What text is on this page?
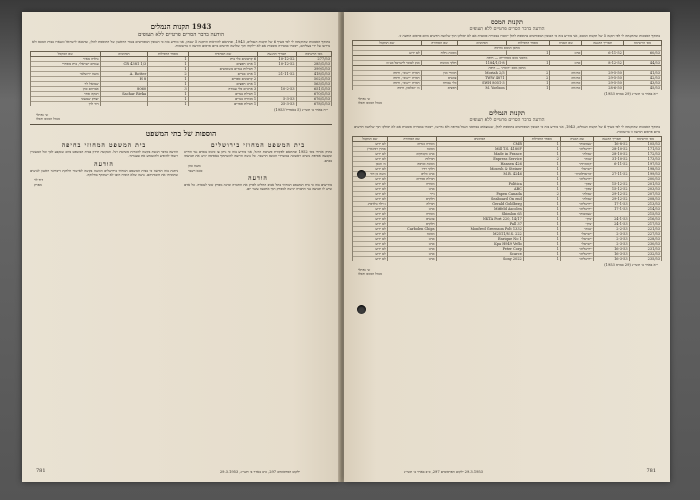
1943 תקנות הנמלים

הודעה בדבר הסרים פרטיים ללא תעופים

בתוקף הסמכות שהוקנתה לי לפי סעיף 6 של תקנות הנמלים, 1943, ובהתאם להוראות התקנה 5 שבהן, אני מודיע בזה כי הטובין המפורטים בטור הראשון של התוספת להלן, שהובאו לישראל ונשארו בבית המכס ולא נדרשו על ידי בעליהם, יימכרו במכירה פומבית אם לא יילקחו תוך שלושה חדשים מיום פרסום הודעה זו ברשומות.

מס׳ הרשימה	תאריך ההגעה	שם הסחורה	מספר החבילות	הסימנים	שם המקבל
277/53	10-12-52	6 קרטונים כלי בית	1		גולדה מאיר
285/1/53	10-12-52	1 ארגז חפצים	1	CR 4381 1/3	עמרם ישראלי, בית מסחרי
399/1/53		7 חבילות בגדים משומשים	1		
418/1/53	21-11-52	1 ארגז בגדים	2	A. Rotter	משה ירושלמי
502/1/53		2 קרטונים ספרים	1	H 8	
563/1/53		1 ארגז חפצים	1		שמואל לוי
651/1/53	10-2-53	3 ארגזים כלי עבודה	3	8060	אברהם כהן
670/1/53		1 חבילת בגדים	1	Sachar Rivka	רבקה סחר
676/1/53	5-3-53	1 מזוודה בגדים	1		יצחק שמעוני
678/1/53	25-3-53	1 חבילת ספרים	1		דוד לוין

י״ח באדר ב׳ תשי״ג (5 באפריל 1953)

ש׳ נפתלי

מנהל המכס והבלו

הוספות של בתי המשפט

בית המשפט המחוזי בירושלים

בתיק אזרחי מס׳ 1952 ובהתאם לפקודת פשיטת הרגל, אני מודיע בזה כי ניתן צו כינוס נכסים נגד החייב ונקבעה אסיפת נושים ראשונה במשרדי הכונס הרשמי. כל נושה הרוצה להשתתף באסיפה יגיש את תביעתו בכתב.

משה כהן

כונס רשמי

הודעה

מודיעים בזה כי בית המשפט המחוזי בתל אביב החליט לפרק את החברה ומינה מפרק זמני לנכסיה. כל אדם שיש לו תביעה נגד החברה יגישה למפרק תוך ארבעה עשר יום.

בית המשפט המחוזי בחיפה

הודעה בדבר הגשת בקשה להכרזת פשיטת רגל. הבקשה תידון בבית המשפט ביום שנקבע לכך וכל המעוניין רשאי להופיע ולהשמיע את טענותיו.

הודעה

ניתנת בזה הודעה כי בבית המשפט המחוזי בירושלים הוגשה בקשה לאישור חלוקת דיבידנד ראשון לנושים שהוכיחו את חובותיהם. נושה שלא הוכיח חובו לא ישתתף בחלוקה.

דוד לוי

מפרק

781	ילקוט הפרסומים 297, כ״ב באדר ב׳ תשי״ג, 29.3.1953

תקנות המכס

הודעה בדבר הסרים פרטיים ללא תעופים

בתוקף הסמכות שהוקנתה לי לפי תקנה 5 של תקנות המכס, אני מודיע בזה כי הטובין המפורטים בתוספת להלן יימכרו במכירה פומבית אם לא יסולקו תוך שלושה חדשים מיום פרסום הודעה זו.

מס׳ הרשימה	תאריך ההגעה	שם האניה	מספר החבילות	הסימנים	שם הסחורה	שם המקבל
מחסן המכס בחיפה						
60/53	6-11-52	ארגז	1		מכונת גילוח	לא ידוע
מחסני מכס מסחריים — חיפה						
44/53	8-12-52	ארגז	1	1184/1/1-8	חלקי מכונות	בנק לאומי לישראל בע״מ
מחסן מכס ״רמות״ — חיפה						
41/53	29-5-50	ארגזים	2	Moriah 2/3	חומרי בנין	חברת ״ישוב״, חיפה
42/53	29-5-50	ארגזים	2	TWW 4871	צבעים	חברת ״ישוב״, חיפה
43/53	29-5-50	ארגזים	1	SWH 8051-3	כלי עבודה	חברת ״ישוב״, חיפה
45/53	28-6-50	ארגזים	1	M. Yoelson	חפצים	מ׳ יואלסון, חיפה

י״א באדר ב׳ תשי״ג (29 במרס 1953)

ש׳ נפתלי

מנהל המכס והבלו

תקנות הנמלים

הודעה בדבר הסרים פרטיים ללא תעופים

בתוקף הסמכות שהוקנתה לי לפי סעיף 6 של תקנות הנמלים, 1943, אני מודיע בזה כי הטובין המפורטים בתוספת להלן, שנמצאים במחסני הנמל בחיפה ולא נדרשו, יימכרו במכירה פומבית אם לא יסולקו תוך שלושה חדשים מיום פרסום הודעה זו ברשומות.

מס׳ הרשימה	תאריך ההגעה	שם האניה	מספר החבילות	הסימנים	שם הסחורה	שם המקבל
105/53	16-8-52	״עצמאות״	1	CMB	מזוודה בגדים	לא ידוע
171/53	28-10-52	״ירושלים״	1	Mill T.S. 4180F	מכונה	אהרן רבינוביץ
172/53	28-10-52	״גאולה״	1	Made in France	ארגז בקבוקים	לא ידוע
173/53	31-10-52	״נגבה״	2	Express Service	חבילות	לא ידוע
197/53	6-11-52	״קוממיות״	1	Hansen 426	מכונת כביסה	מ׳ הנסן
198/53		״ישראל״	1	Mosesh & Steiner	חלקי רדיו	לא ידוע
199/53	27-11-52	״טרנסילבניה״	1	M.B. 4246	ארגז כלים	משה בן דוד
200/53		״ירושלים״	1		חבילת ספרים	לא ידוע
201/53	15-12-52	״צפון״	1	Politica	מזוודה	לא ידוע
203/53	15-12-52	״צפון״	1	ABC	ארגז	לא ידוע
207/53	29-12-52	״גאולה״	2	Papen Canada	נייר	לא ידוע
208/53	29-12-52	״גאולה״	1	Seaboard On end	חלקים	לא ידוע
213/53	17-1-53	״ירושלים״	1	Gerald Goldberg	חבילה	ג׳רלד גולדברג
214/53	17-1-53	״ירושלים״	1	Mitfeld Ascolen	ארגז	לא ידוע
215/53		״עצמאות״	1	65 Shimlon	מזוודה	לא ידוע
216/53	24-1-53	״ציון״	1	NKTA Port 220, 14/17	צבעים	לא ידוע
217/53	24-1-53	״ציון״	1	Pall 37	חלקים	לא ידוע
221/53	2-2-53	״נגבה״	1	Monfred Greenson Polt 1332	Carbolen Chips	לא ידוע
227/53	2-3-53	״ישראל״	1	M2511/N.S. 222	מכונה	לא ידוע
228/53	2-3-53	״ישראל״	1	Enrique No 1	ארגז	לא ידוע
230/53	2-3-53	״ישראל״	1	Kpa H949 Veflo	ארגז	לא ידוע
231/53	16-3-53	״ירושלים״	1	Peter Corp	ארגז	לא ידוע
232/53	16-3-53	״ירושלים״	1	Scarce	ארגז	לא ידוע
235/53	16-3-53	״ירושלים״	1	Sony 2022	ארגז	לא ידוע

י״א באדר ב׳ תשי״ג (29 במרס 1953)

ש׳ נפתלי

מנהל המכס והבלו

781
29.3.1953 ילקוט הפרסומים 297, כ״ב באדר ב׳ תשי״ג
